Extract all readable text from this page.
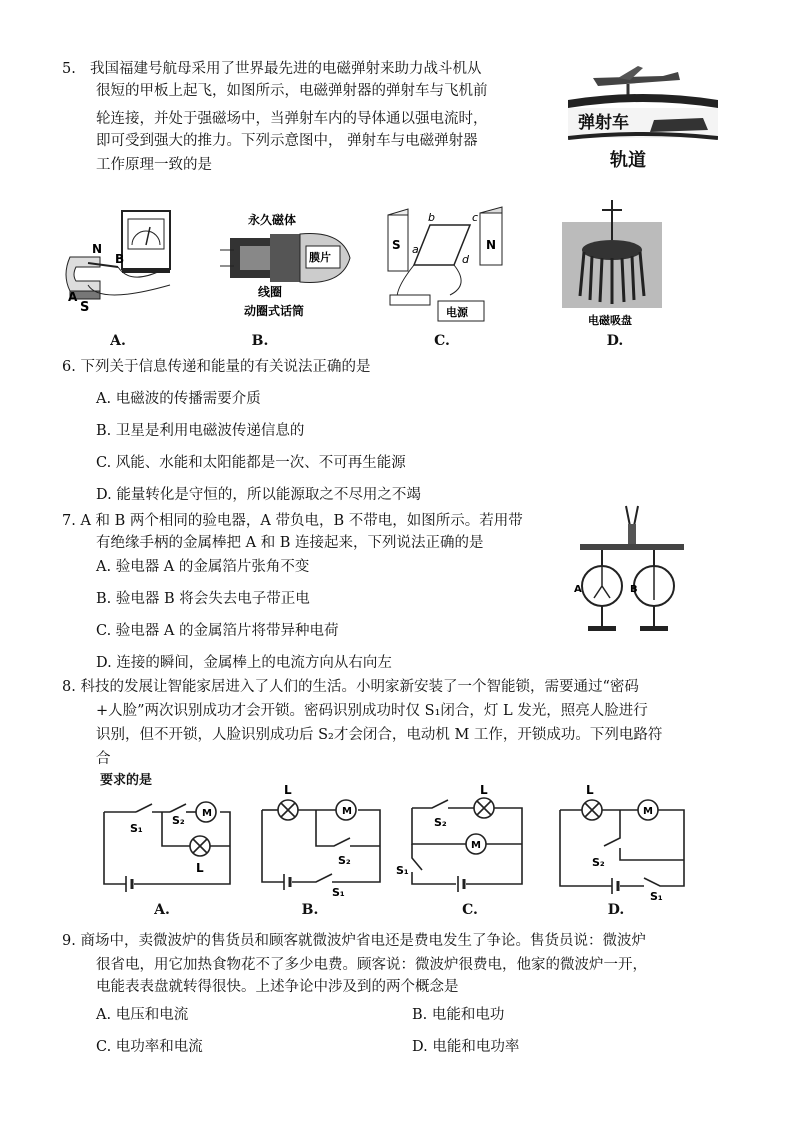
5. 我国福建号航母采用了世界最先进的电磁弹射来助力战斗机从
很短的甲板上起飞，如图所示，电磁弹射器的弹射车与飞机前
轮连接，并处于强磁场中，当弹射车内的导体通以强电流时，
即可受到强大的推力。下列示意图中， 弹射车与电磁弹射器
工作原理一致的是
弹射车
轨道
N
B
A
S
A.
永久磁体
膜片
线圈
动圈式话筒
B.
S	N
a
b	c
d
电源
C.
电磁吸盘
D.
6. 下列关于信息传递和能量的有关说法正确的是
A. 电磁波的传播需要介质
B. 卫星是利用电磁波传递信息的
C. 风能、水能和太阳能都是一次、不可再生能源
D. 能量转化是守恒的，所以能源取之不尽用之不竭
7. A 和 B 两个相同的验电器，A 带负电，B 不带电，如图所示。若用带
有绝缘手柄的金属棒把 A 和 B 连接起来，下列说法正确的是
A. 验电器 A 的金属箔片张角不变
B. 验电器 B 将会失去电子带正电
C. 验电器 A 的金属箔片将带异种电荷
D. 连接的瞬间，金属棒上的电流方向从右向左
A	B
8. 科技的发展让智能家居进入了人们的生活。小明家新安装了一个智能锁，需要通过“密码
+人脸”两次识别成功才会开锁。密码识别成功时仅 S₁闭合，灯 L 发光，照亮人脸进行
识别，但不开锁，人脸识别成功后 S₂才会闭合，电动机 M 工作，开锁成功。下列电路符
合
要求的是
M
S₁
S₂
L
A.
L
M
S₂
S₁
B.
L
S₂
M
S₁
C.
L
M
S₂
S₁
D.
9. 商场中，卖微波炉的售货员和顾客就微波炉省电还是费电发生了争论。售货员说：微波炉
很省电，用它加热食物花不了多少电费。顾客说：微波炉很费电，他家的微波炉一开，
电能表表盘就转得很快。上述争论中涉及到的两个概念是
A. 电压和电流	B. 电能和电功
C. 电功率和电流	D. 电能和电功率
